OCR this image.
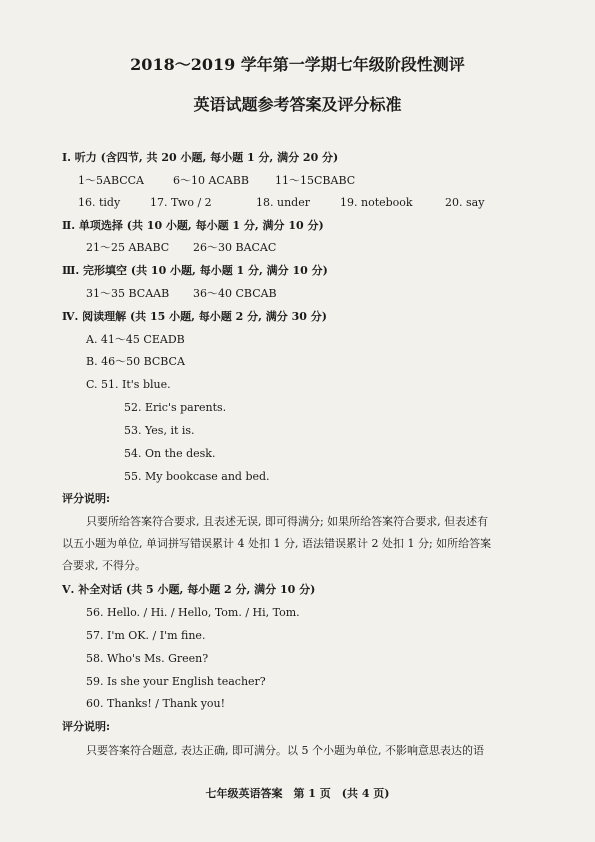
2018～2019 学年第一学期七年级阶段性测评
英语试题参考答案及评分标准
Ⅰ. 听力 (含四节, 共 20 小题, 每小题 1 分, 满分 20 分)
1～5ABCCA	6～10 ACABB 11～15CBABC
16. tidy	17. Two / 2	18. under	19. notebook	20. say
Ⅱ. 单项选择 (共 10 小题, 每小题 1 分, 满分 10 分)
21～25 ABABC 26～30 BACAC
Ⅲ. 完形填空 (共 10 小题, 每小题 1 分, 满分 10 分)
31～35 BCAAB 36～40 CBCAB
Ⅳ. 阅读理解 (共 15 小题, 每小题 2 分, 满分 30 分)
A. 41～45 CEADB
B. 46～50 BCBCA
C. 51. It's blue.
52. Eric's parents.
53. Yes, it is.
54. On the desk.
55. My bookcase and bed.
评分说明:
只要所给答案符合要求, 且表述无误, 即可得满分; 如果所给答案符合要求, 但表述有
以五小题为单位, 单词拼写错误累计 4 处扣 1 分, 语法错误累计 2 处扣 1 分; 如所给答案
合要求, 不得分。
Ⅴ. 补全对话 (共 5 小题, 每小题 2 分, 满分 10 分)
56. Hello. / Hi. / Hello, Tom. / Hi, Tom.
57. I'm OK. / I'm fine.
58. Who's Ms. Green?
59. Is she your English teacher?
60. Thanks! / Thank you!
评分说明:
只要答案符合题意, 表达正确, 即可满分。以 5 个小题为单位, 不影响意思表达的语
七年级英语答案　第 1 页　(共 4 页)
